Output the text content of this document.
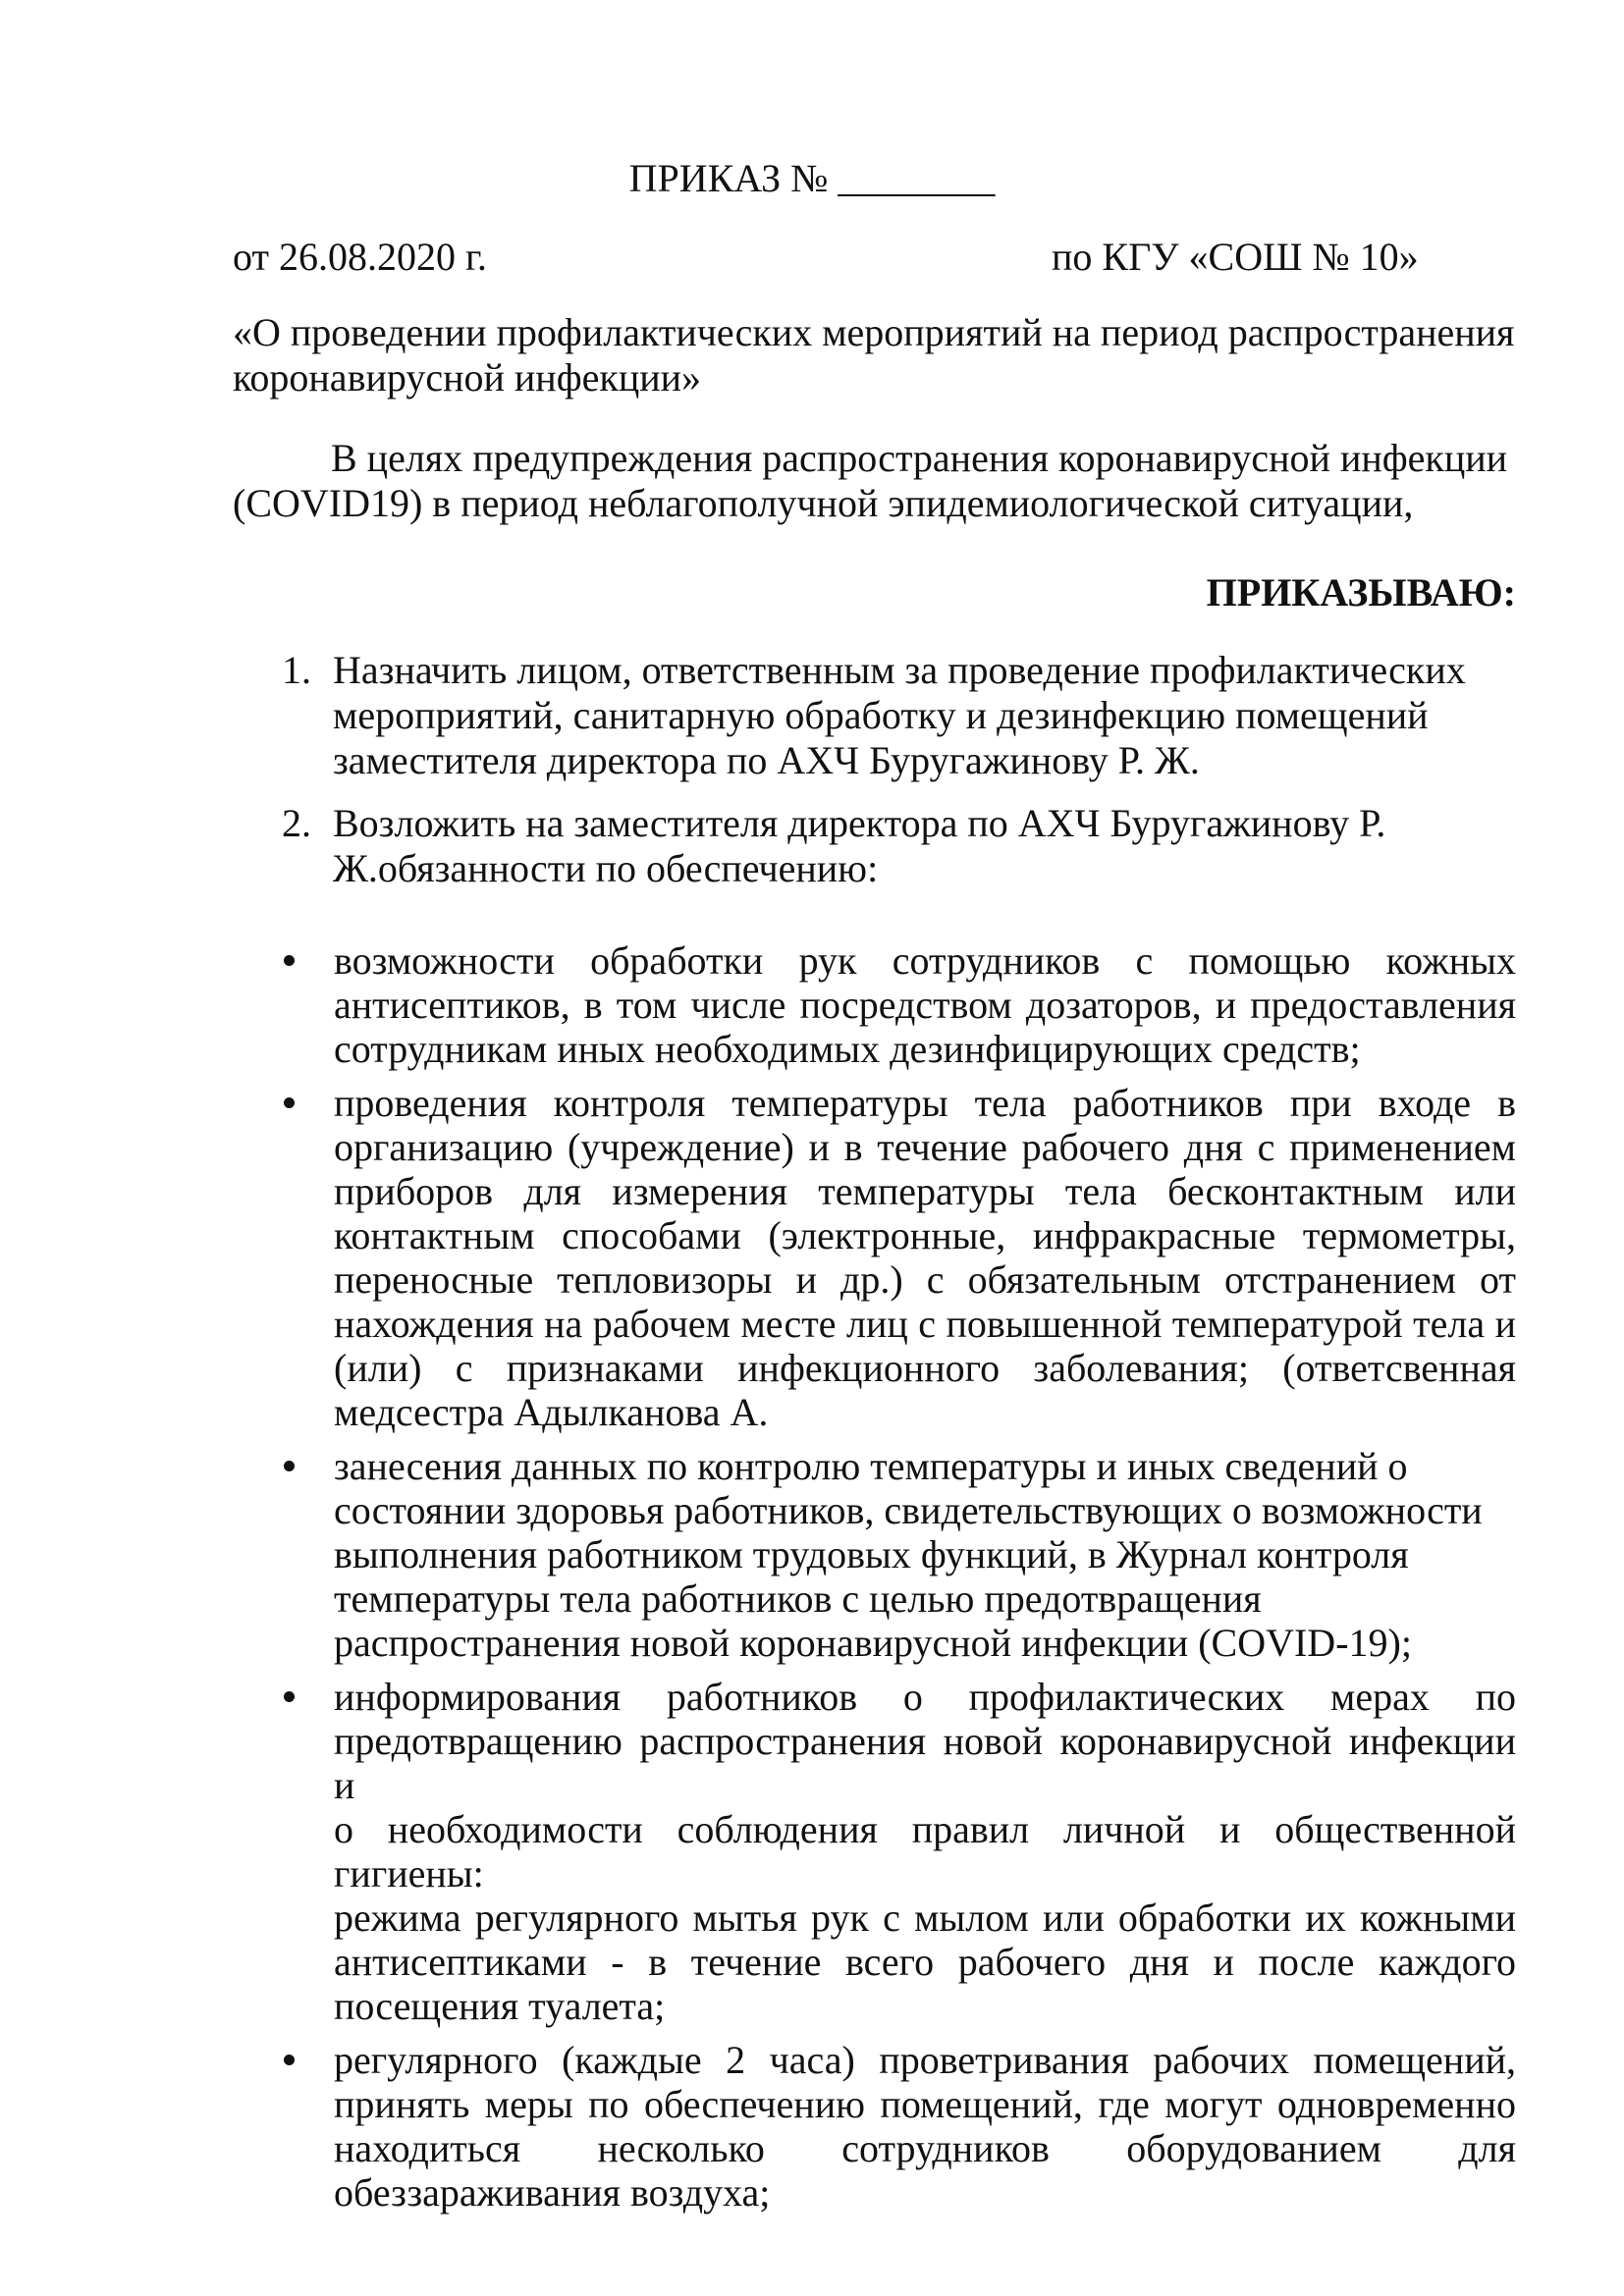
ПРИКАЗ № ________
от 26.08.2020 г.	по КГУ «СОШ № 10»
«О проведении профилактических мероприятий на период распространения
коронавирусной инфекции»
В целях предупреждения распространения коронавирусной инфекции
(COVID19) в период неблагополучной эпидемиологической ситуации,
ПРИКАЗЫВАЮ:
1. Назначить лицом, ответственным за проведение профилактических
мероприятий, санитарную обработку и дезинфекцию помещений
заместителя директора по АХЧ Буругажинову Р. Ж.
2. Возложить на заместителя директора по АХЧ Буругажинову Р.
Ж.обязанности по обеспечению:
возможности обработки рук сотрудников с помощью кожных
антисептиков, в том числе посредством дозаторов, и предоставления
сотрудникам иных необходимых дезинфицирующих средств;
проведения контроля температуры тела работников при входе в
организацию (учреждение) и в течение рабочего дня с применением
приборов для измерения температуры тела бесконтактным или
контактным способами (электронные, инфракрасные термометры,
переносные тепловизоры и др.) с обязательным отстранением от
нахождения на рабочем месте лиц с повышенной температурой тела и
(или) с признаками инфекционного заболевания; (ответсвенная
медсестра Адылканова А.
занесения данных по контролю температуры и иных сведений о
состоянии здоровья работников, свидетельствующих о возможности
выполнения работником трудовых функций, в Журнал контроля
температуры тела работников с целью предотвращения
распространения новой коронавирусной инфекции (COVID-19);
информирования работников о профилактических мерах по
предотвращению распространения новой коронавирусной инфекции и
о необходимости соблюдения правил личной и общественной гигиены:
режима регулярного мытья рук с мылом или обработки их кожными
антисептиками - в течение всего рабочего дня и после каждого
посещения туалета;
регулярного (каждые 2 часа) проветривания рабочих помещений,
принять меры по обеспечению помещений, где могут одновременно
находиться несколько сотрудников оборудованием для
обеззараживания воздуха;
